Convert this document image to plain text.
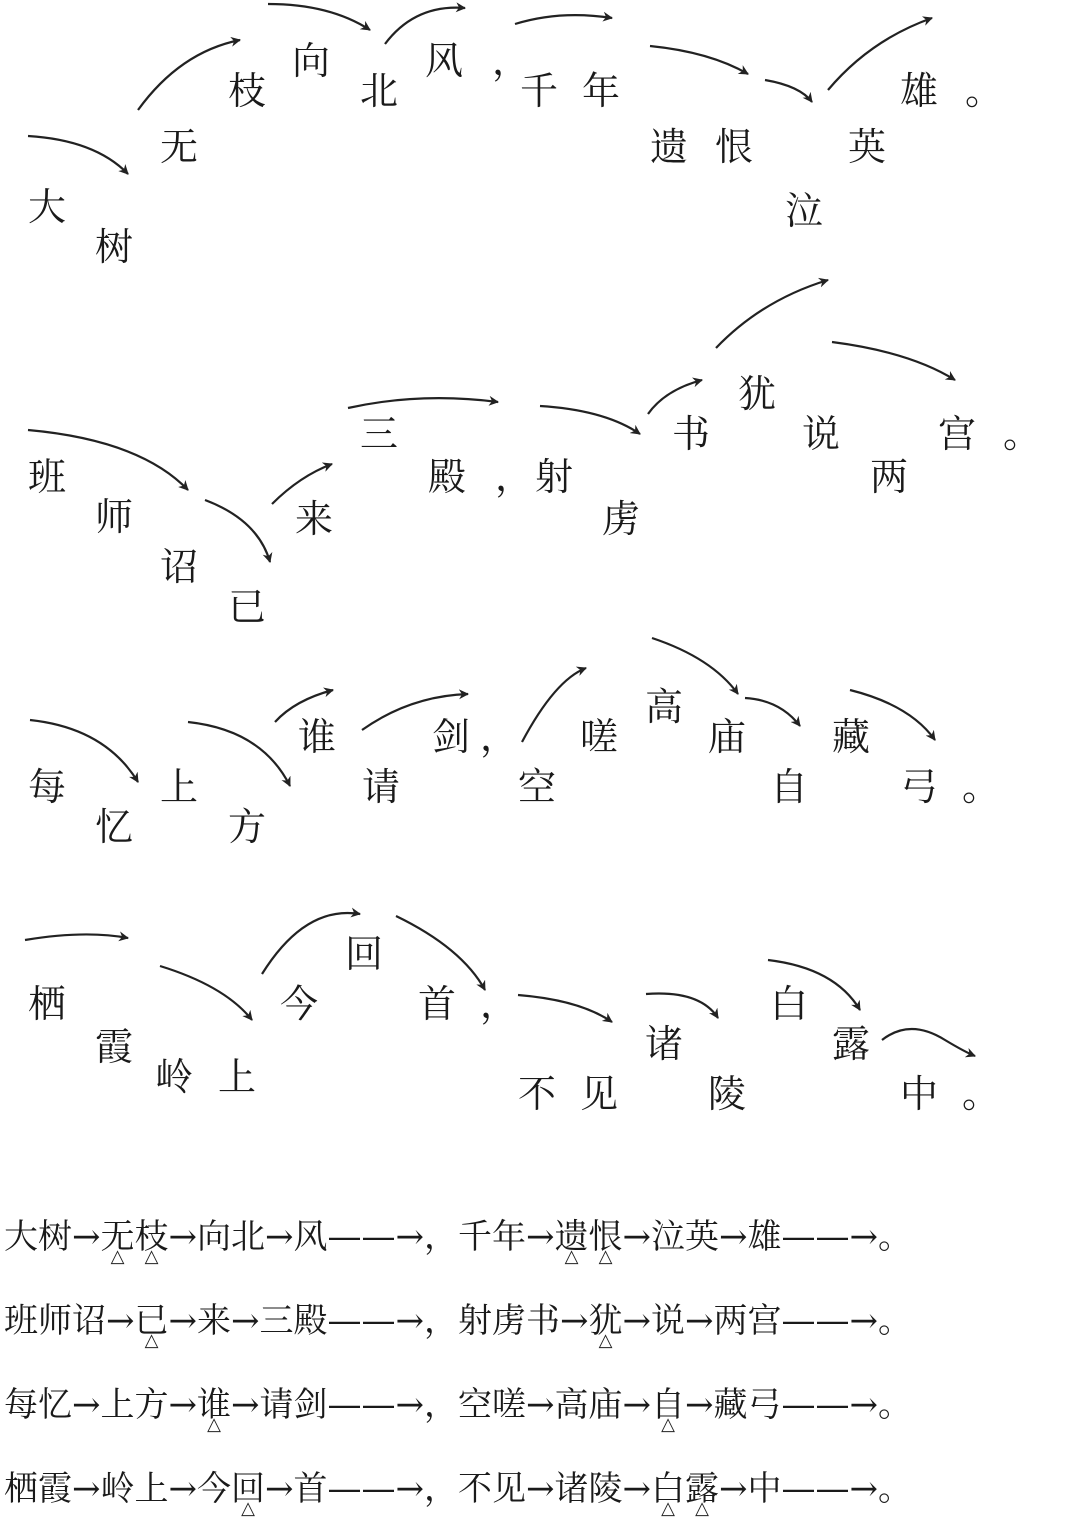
大
树
无
枝
向
北
风 ，
千 年
遗 恨
泣
英
雄 。
班
师
诏
已
来
三
殿 ， 射
虏
书
犹
说
两
宫 。
每
忆
上
方
谁
请
剑 ，
空
嗟
高
庙
自
藏
弓 。
栖
霞
岭 上
今
回
首 ，
不 见
诸
陵
白
露
中 。
大树→无 △枝 △→向北→风——→，千年→遗 △恨 △→泣英→雄——→。
班师诏→已 △→来→三殿——→，射虏书→犹 △→说→两宫——→。
每忆→上方→谁 △→请剑——→，空嗟→高庙→自 △→藏弓——→。
栖霞→岭上→今回 △→首——→，不见→诸陵→白 △露 △→中——→。
